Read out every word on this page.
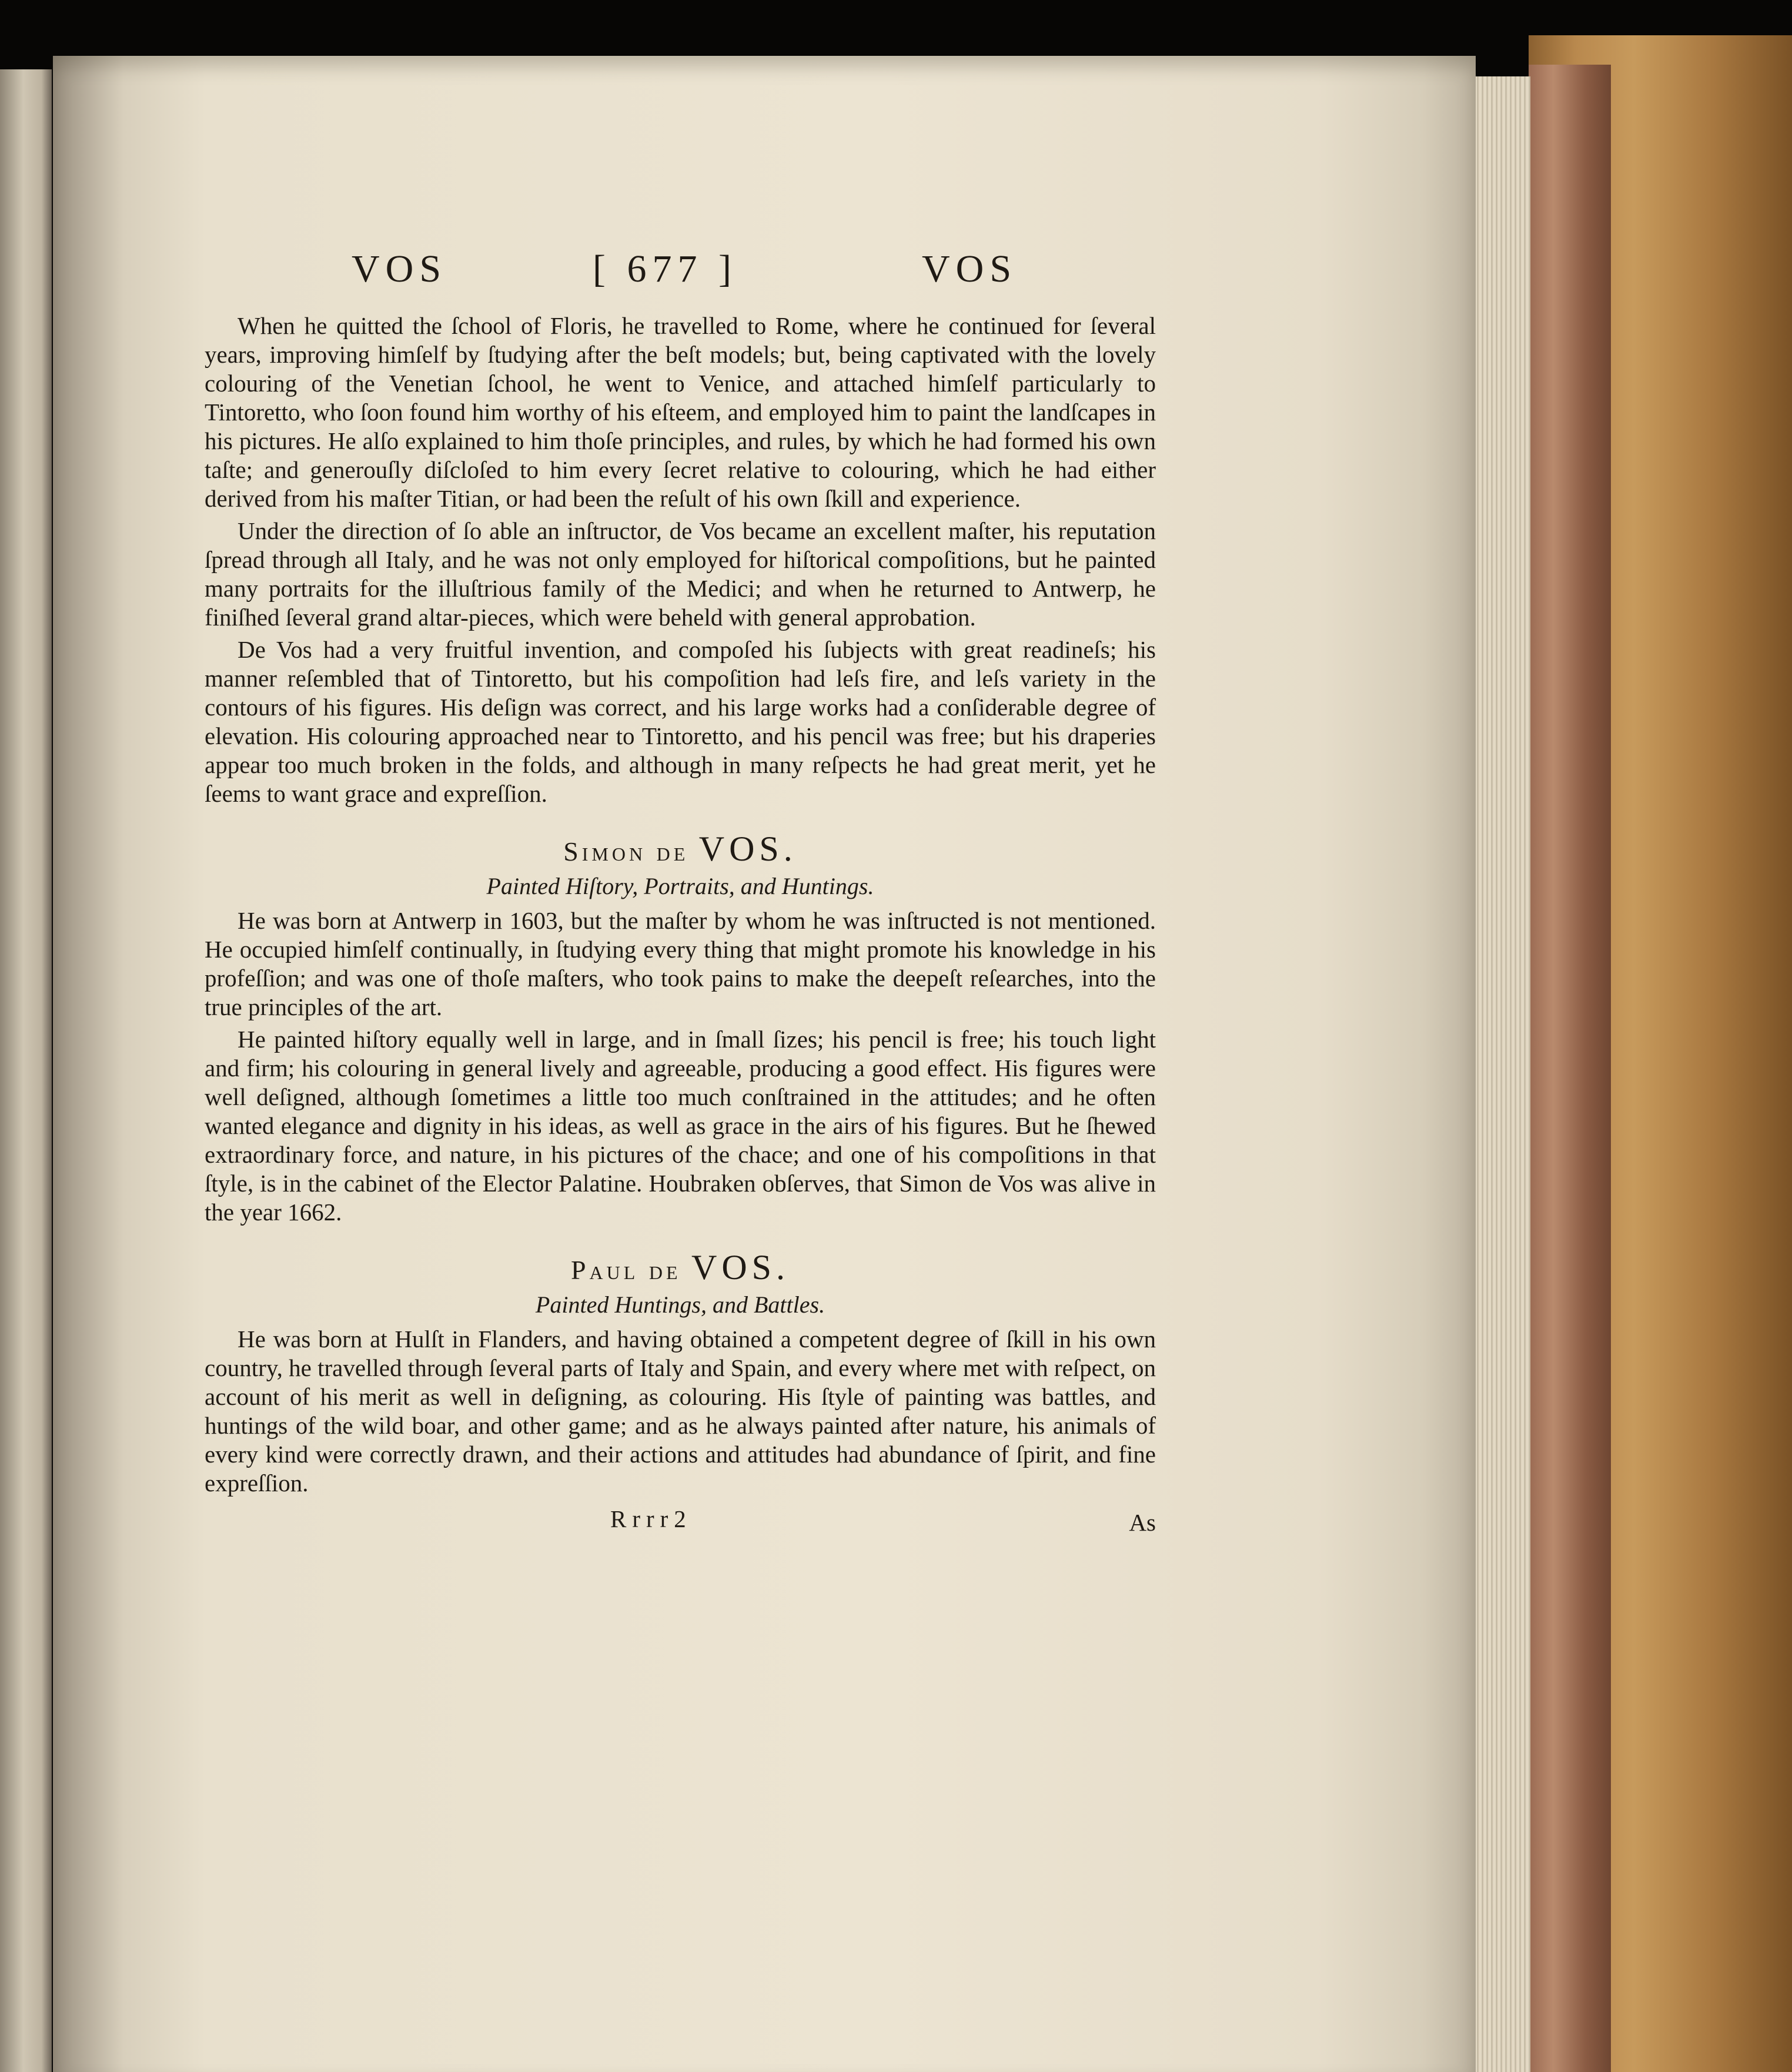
VOS	[ 677 ]	VOS

When he quitted the ſchool of Floris, he travelled to Rome, where he continued for ſeveral years, improving himſelf by ſtudying after the beſt models; but, being captivated with the lovely colouring of the Venetian ſchool, he went to Venice, and attached himſelf particularly to Tintoretto, who ſoon found him worthy of his eſteem, and employed him to paint the landſcapes in his pictures. He alſo explained to him thoſe principles, and rules, by which he had formed his own taſte; and generouſly diſcloſed to him every ſecret relative to colouring, which he had either derived from his maſter Titian, or had been the reſult of his own ſkill and experience.

Under the direction of ſo able an inſtructor, de Vos became an excellent maſter, his reputation ſpread through all Italy, and he was not only employed for hiſtorical compoſitions, but he painted many portraits for the illuſtrious family of the Medici; and when he returned to Antwerp, he finiſhed ſeveral grand altar-pieces, which were beheld with general approbation.

De Vos had a very fruitful invention, and compoſed his ſubjects with great readineſs; his manner reſembled that of Tintoretto, but his compoſition had leſs fire, and leſs variety in the contours of his figures. His deſign was correct, and his large works had a conſiderable degree of elevation. His colouring approached near to Tintoretto, and his pencil was free; but his draperies appear too much broken in the folds, and although in many reſpects he had great merit, yet he ſeems to want grace and expreſſion.

Simon de VOS.
Painted Hiſtory, Portraits, and Huntings.

He was born at Antwerp in 1603, but the maſter by whom he was inſtructed is not mentioned. He occupied himſelf continually, in ſtudying every thing that might promote his knowledge in his profeſſion; and was one of thoſe maſters, who took pains to make the deepeſt reſearches, into the true principles of the art.

He painted hiſtory equally well in large, and in ſmall ſizes; his pencil is free; his touch light and firm; his colouring in general lively and agreeable, producing a good effect. His figures were well deſigned, although ſometimes a little too much conſtrained in the attitudes; and he often wanted elegance and dignity in his ideas, as well as grace in the airs of his figures. But he ſhewed extraordinary force, and nature, in his pictures of the chace; and one of his compoſitions in that ſtyle, is in the cabinet of the Elector Palatine. Houbraken obſerves, that Simon de Vos was alive in the year 1662.

Paul de VOS.
Painted Huntings, and Battles.

He was born at Hulſt in Flanders, and having obtained a competent degree of ſkill in his own country, he travelled through ſeveral parts of Italy and Spain, and every where met with reſpect, on account of his merit as well in deſigning, as colouring. His ſtyle of painting was battles, and huntings of the wild boar, and other game; and as he always painted after nature, his animals of every kind were correctly drawn, and their actions and attitudes had abundance of ſpirit, and fine expreſſion.

Rrrr2	As
